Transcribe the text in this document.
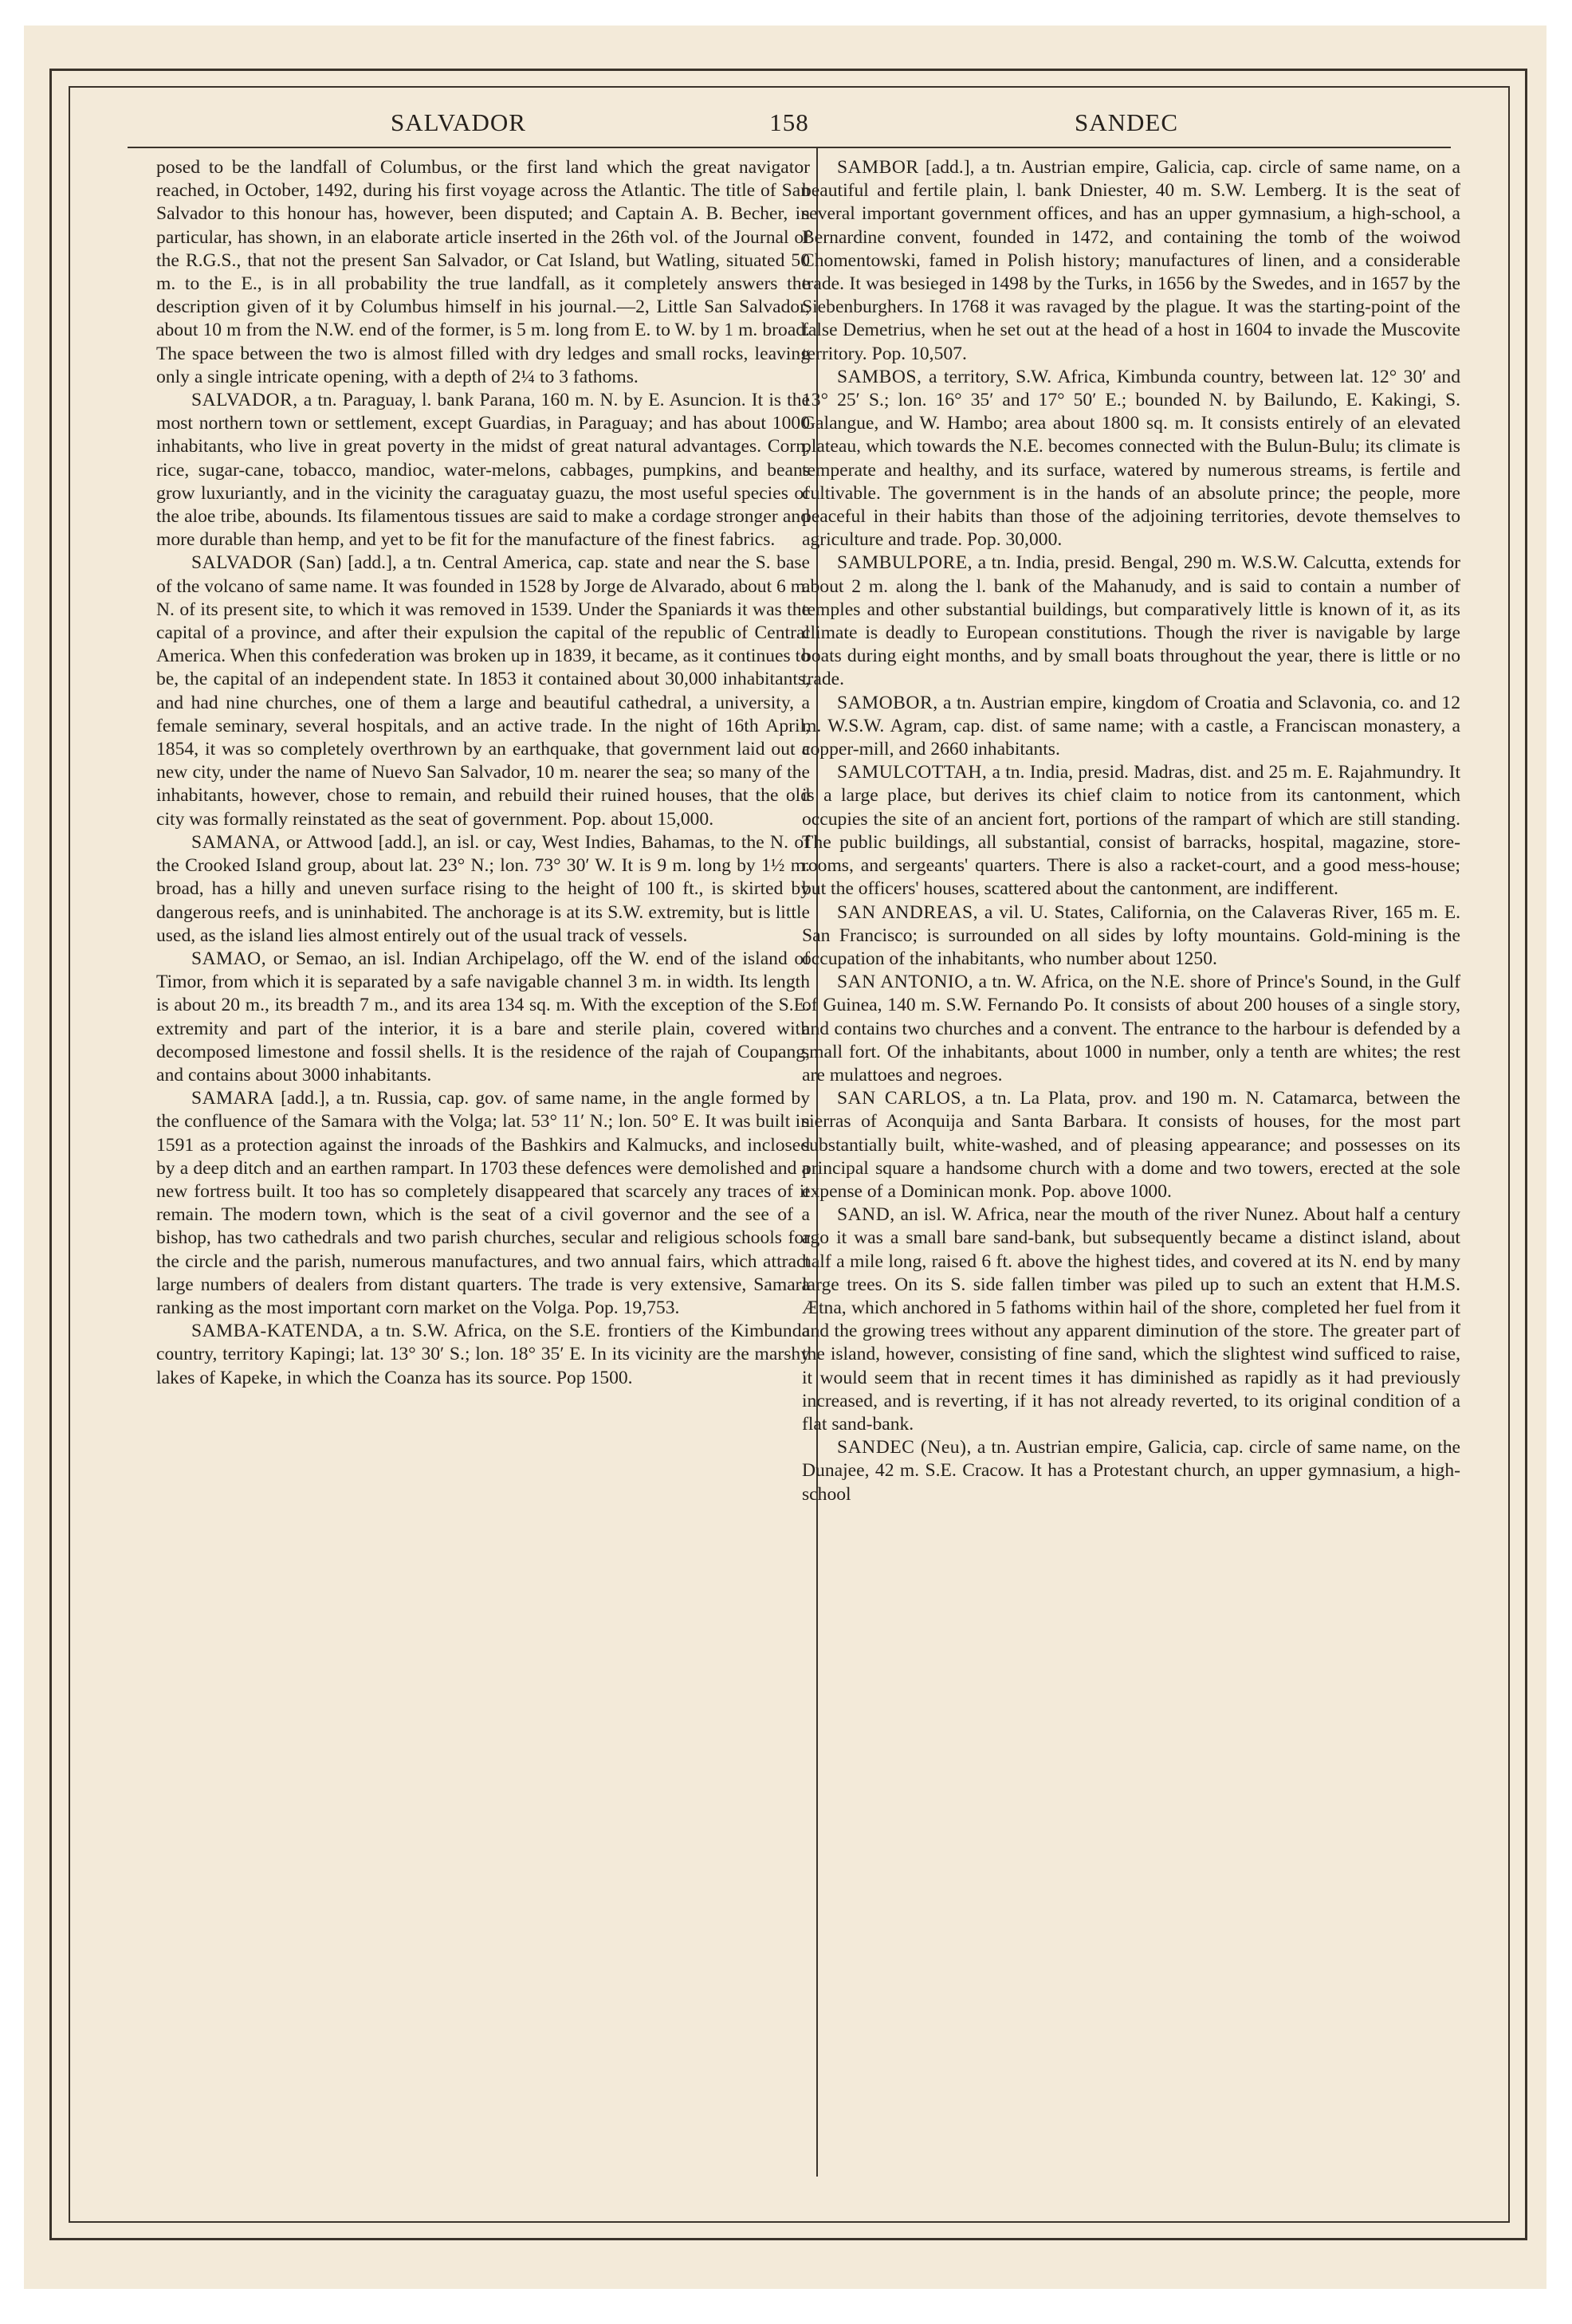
SALVADOR	158	SANDEC

posed to be the landfall of Columbus, or the first land which the great navigator reached, in October, 1492, during his first voyage across the Atlantic. The title of San Salvador to this honour has, however, been disputed; and Captain A. B. Becher, in particular, has shown, in an elaborate article inserted in the 26th vol. of the Journal of the R.G.S., that not the present San Salvador, or Cat Island, but Watling, situated 50 m. to the E., is in all probability the true landfall, as it completely answers the description given of it by Columbus himself in his journal.—2, Little San Salvador, about 10 m from the N.W. end of the former, is 5 m. long from E. to W. by 1 m. broad. The space between the two is almost filled with dry ledges and small rocks, leaving only a single intricate opening, with a depth of 2¼ to 3 fathoms.

SALVADOR, a tn. Paraguay, l. bank Parana, 160 m. N. by E. Asuncion. It is the most northern town or settlement, except Guardias, in Paraguay; and has about 1000 inhabitants, who live in great poverty in the midst of great natural advantages. Corn, rice, sugar-cane, tobacco, mandioc, water-melons, cabbages, pumpkins, and beans grow luxuriantly, and in the vicinity the caraguatay guazu, the most useful species of the aloe tribe, abounds. Its filamentous tissues are said to make a cordage stronger and more durable than hemp, and yet to be fit for the manufacture of the finest fabrics.

SALVADOR (San) [add.], a tn. Central America, cap. state and near the S. base of the volcano of same name. It was founded in 1528 by Jorge de Alvarado, about 6 m. N. of its present site, to which it was removed in 1539. Under the Spaniards it was the capital of a province, and after their expulsion the capital of the republic of Central America. When this confederation was broken up in 1839, it became, as it continues to be, the capital of an independent state. In 1853 it contained about 30,000 inhabitants, and had nine churches, one of them a large and beautiful cathedral, a university, a female seminary, several hospitals, and an active trade. In the night of 16th April, 1854, it was so completely overthrown by an earthquake, that government laid out a new city, under the name of Nuevo San Salvador, 10 m. nearer the sea; so many of the inhabitants, however, chose to remain, and rebuild their ruined houses, that the old city was formally reinstated as the seat of government. Pop. about 15,000.

SAMANA, or Attwood [add.], an isl. or cay, West Indies, Bahamas, to the N. of the Crooked Island group, about lat. 23° N.; lon. 73° 30′ W. It is 9 m. long by 1½ m. broad, has a hilly and uneven surface rising to the height of 100 ft., is skirted by dangerous reefs, and is uninhabited. The anchorage is at its S.W. extremity, but is little used, as the island lies almost entirely out of the usual track of vessels.

SAMAO, or Semao, an isl. Indian Archipelago, off the W. end of the island of Timor, from which it is separated by a safe navigable channel 3 m. in width. Its length is about 20 m., its breadth 7 m., and its area 134 sq. m. With the exception of the S.E. extremity and part of the interior, it is a bare and sterile plain, covered with decomposed limestone and fossil shells. It is the residence of the rajah of Coupang, and contains about 3000 inhabitants.

SAMARA [add.], a tn. Russia, cap. gov. of same name, in the angle formed by the confluence of the Samara with the Volga; lat. 53° 11′ N.; lon. 50° E. It was built in 1591 as a protection against the inroads of the Bashkirs and Kalmucks, and inclosed by a deep ditch and an earthen rampart. In 1703 these defences were demolished and a new fortress built. It too has so completely disappeared that scarcely any traces of it remain. The modern town, which is the seat of a civil governor and the see of a bishop, has two cathedrals and two parish churches, secular and religious schools for the circle and the parish, numerous manufactures, and two annual fairs, which attract large numbers of dealers from distant quarters. The trade is very extensive, Samara ranking as the most important corn market on the Volga. Pop. 19,753.

SAMBA-KATENDA, a tn. S.W. Africa, on the S.E. frontiers of the Kimbunda country, territory Kapingi; lat. 13° 30′ S.; lon. 18° 35′ E. In its vicinity are the marshy lakes of Kapeke, in which the Coanza has its source. Pop 1500.

SAMBOR [add.], a tn. Austrian empire, Galicia, cap. circle of same name, on a beautiful and fertile plain, l. bank Dniester, 40 m. S.W. Lemberg. It is the seat of several important government offices, and has an upper gymnasium, a high-school, a Bernardine convent, founded in 1472, and containing the tomb of the woiwod Chomentowski, famed in Polish history; manufactures of linen, and a considerable trade. It was besieged in 1498 by the Turks, in 1656 by the Swedes, and in 1657 by the Siebenburghers. In 1768 it was ravaged by the plague. It was the starting-point of the false Demetrius, when he set out at the head of a host in 1604 to invade the Muscovite territory. Pop. 10,507.

SAMBOS, a territory, S.W. Africa, Kimbunda country, between lat. 12° 30′ and 13° 25′ S.; lon. 16° 35′ and 17° 50′ E.; bounded N. by Bailundo, E. Kakingi, S. Galangue, and W. Hambo; area about 1800 sq. m. It consists entirely of an elevated plateau, which towards the N.E. becomes connected with the Bulun-Bulu; its climate is temperate and healthy, and its surface, watered by numerous streams, is fertile and cultivable. The government is in the hands of an absolute prince; the people, more peaceful in their habits than those of the adjoining territories, devote themselves to agriculture and trade. Pop. 30,000.

SAMBULPORE, a tn. India, presid. Bengal, 290 m. W.S.W. Calcutta, extends for about 2 m. along the l. bank of the Mahanudy, and is said to contain a number of temples and other substantial buildings, but comparatively little is known of it, as its climate is deadly to European constitutions. Though the river is navigable by large boats during eight months, and by small boats throughout the year, there is little or no trade.

SAMOBOR, a tn. Austrian empire, kingdom of Croatia and Sclavonia, co. and 12 m. W.S.W. Agram, cap. dist. of same name; with a castle, a Franciscan monastery, a copper-mill, and 2660 inhabitants.

SAMULCOTTAH, a tn. India, presid. Madras, dist. and 25 m. E. Rajahmundry. It is a large place, but derives its chief claim to notice from its cantonment, which occupies the site of an ancient fort, portions of the rampart of which are still standing. The public buildings, all substantial, consist of barracks, hospital, magazine, store-rooms, and sergeants' quarters. There is also a racket-court, and a good mess-house; but the officers' houses, scattered about the cantonment, are indifferent.

SAN ANDREAS, a vil. U. States, California, on the Calaveras River, 165 m. E. San Francisco; is surrounded on all sides by lofty mountains. Gold-mining is the occupation of the inhabitants, who number about 1250.

SAN ANTONIO, a tn. W. Africa, on the N.E. shore of Prince's Sound, in the Gulf of Guinea, 140 m. S.W. Fernando Po. It consists of about 200 houses of a single story, and contains two churches and a convent. The entrance to the harbour is defended by a small fort. Of the inhabitants, about 1000 in number, only a tenth are whites; the rest are mulattoes and negroes.

SAN CARLOS, a tn. La Plata, prov. and 190 m. N. Catamarca, between the sierras of Aconquija and Santa Barbara. It consists of houses, for the most part substantially built, white-washed, and of pleasing appearance; and possesses on its principal square a handsome church with a dome and two towers, erected at the sole expense of a Dominican monk. Pop. above 1000.

SAND, an isl. W. Africa, near the mouth of the river Nunez. About half a century ago it was a small bare sand-bank, but subsequently became a distinct island, about half a mile long, raised 6 ft. above the highest tides, and covered at its N. end by many large trees. On its S. side fallen timber was piled up to such an extent that H.M.S. Ætna, which anchored in 5 fathoms within hail of the shore, completed her fuel from it and the growing trees without any apparent diminution of the store. The greater part of the island, however, consisting of fine sand, which the slightest wind sufficed to raise, it would seem that in recent times it has diminished as rapidly as it had previously increased, and is reverting, if it has not already reverted, to its original condition of a flat sand-bank.

SANDEC (Neu), a tn. Austrian empire, Galicia, cap. circle of same name, on the Dunajee, 42 m. S.E. Cracow. It has a Protestant church, an upper gymnasium, a high-school
